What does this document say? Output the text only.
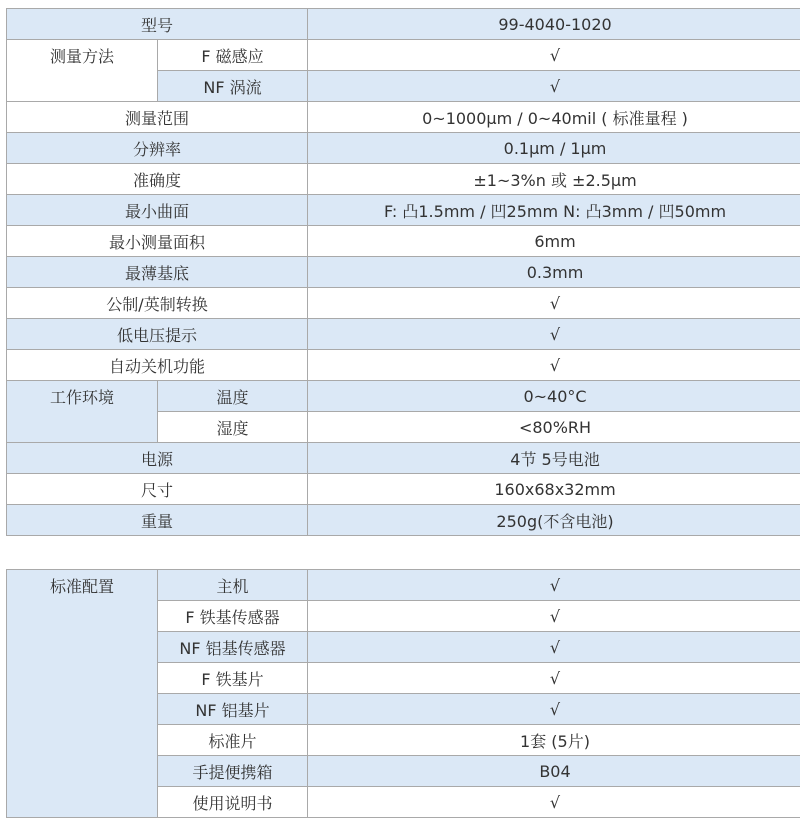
型号		99-4040-1020
测量方法	F 磁感应	√
	NF 涡流	√
测量范围		0~1000μm / 0~40mil ( 标准量程 )
分辨率		0.1μm / 1μm
准确度		±1~3%n 或 ±2.5μm
最小曲面		F: 凸1.5mm / 凹25mm N: 凸3mm / 凹50mm
最小测量面积		6mm
最薄基底		0.3mm
公制/英制转换		√
低电压提示		√
自动关机功能		√
工作环境	温度	0~40°C
	湿度	<80%RH
电源		4节 5号电池
尺寸		160x68x32mm
重量		250g(不含电池)
标准配置	主机	√
	F 铁基传感器	√
	NF 铝基传感器	√
	F 铁基片	√
	NF 铝基片	√
	标准片	1套 (5片)
	手提便携箱	B04
	使用说明书	√
